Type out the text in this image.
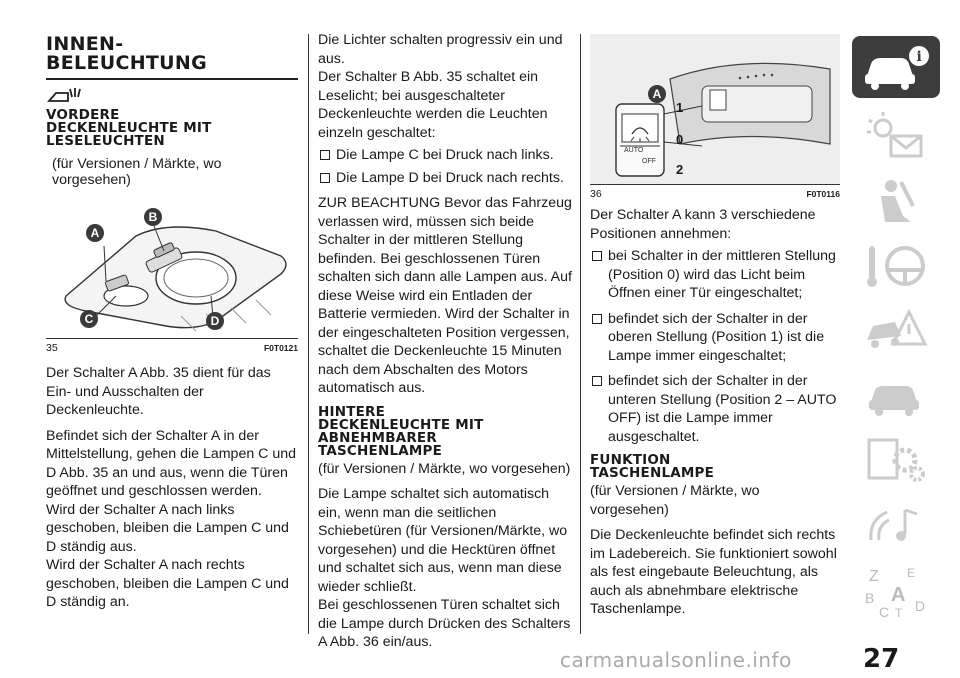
INNEN-
BELEUCHTUNG
VORDERE
DECKENLEUCHTE MIT
LESELEUCHTEN

(für Versionen / Märkte, wo
vorgesehen)

A
B
C	D
35	F0T0121

Der Schalter A Abb. 35 dient für das Ein- und Ausschalten der Deckenleuchte.

Befindet sich der Schalter A in der Mittelstellung, gehen die Lampen C und D Abb. 35 an und aus, wenn die Türen geöffnet und geschlossen werden.

Wird der Schalter A nach links geschoben, bleiben die Lampen C und D ständig aus.

Wird der Schalter A nach rechts geschoben, bleiben die Lampen C und D ständig an.

Die Lichter schalten progressiv ein und aus.

Der Schalter B Abb. 35 schaltet ein Leselicht; bei ausgeschalteter Deckenleuchte werden die Leuchten einzeln geschaltet:

Die Lampe C bei Druck nach links.

Die Lampe D bei Druck nach rechts.

ZUR BEACHTUNG Bevor das Fahrzeug verlassen wird, müssen sich beide Schalter in der mittleren Stellung befinden. Bei geschlossenen Türen schalten sich dann alle Lampen aus. Auf diese Weise wird ein Entladen der Batterie vermieden. Wird der Schalter in der eingeschalteten Position vergessen, schaltet die Deckenleuchte 15 Minuten nach dem Abschalten des Motors automatisch aus.

HINTERE
DECKENLEUCHTE MIT
ABNEHMBARER
TASCHENLAMPE

(für Versionen / Märkte, wo vorgesehen)

Die Lampe schaltet sich automatisch ein, wenn man die seitlichen Schiebetüren (für Versionen/Märkte, wo vorgesehen) und die Hecktüren öffnet und schaltet sich aus, wenn man diese wieder schließt.

Bei geschlossenen Türen schaltet sich die Lampe durch Drücken des Schalters A Abb. 36 ein/aus.

AUTO
OFF
A
1
0
2
36	F0T0116

Der Schalter A kann 3 verschiedene Positionen annehmen:

bei Schalter in der mittleren Stellung (Position 0) wird das Licht beim Öffnen einer Tür eingeschaltet;

befindet sich der Schalter in der oberen Stellung (Position 1) ist die Lampe immer eingeschaltet;

befindet sich der Schalter in der unteren Stellung (Position 2 – AUTO OFF) ist die Lampe immer ausgeschaltet.

FUNKTION
TASCHENLAMPE

(für Versionen / Märkte, wo vorgesehen)

Die Deckenleuchte befindet sich rechts im Ladebereich. Sie funktioniert sowohl als fest eingebaute Beleuchtung, als auch als abnehmbare elektrische Taschenlampe.

i
Z E
B A
C T D
carmanualsonline.info	27
